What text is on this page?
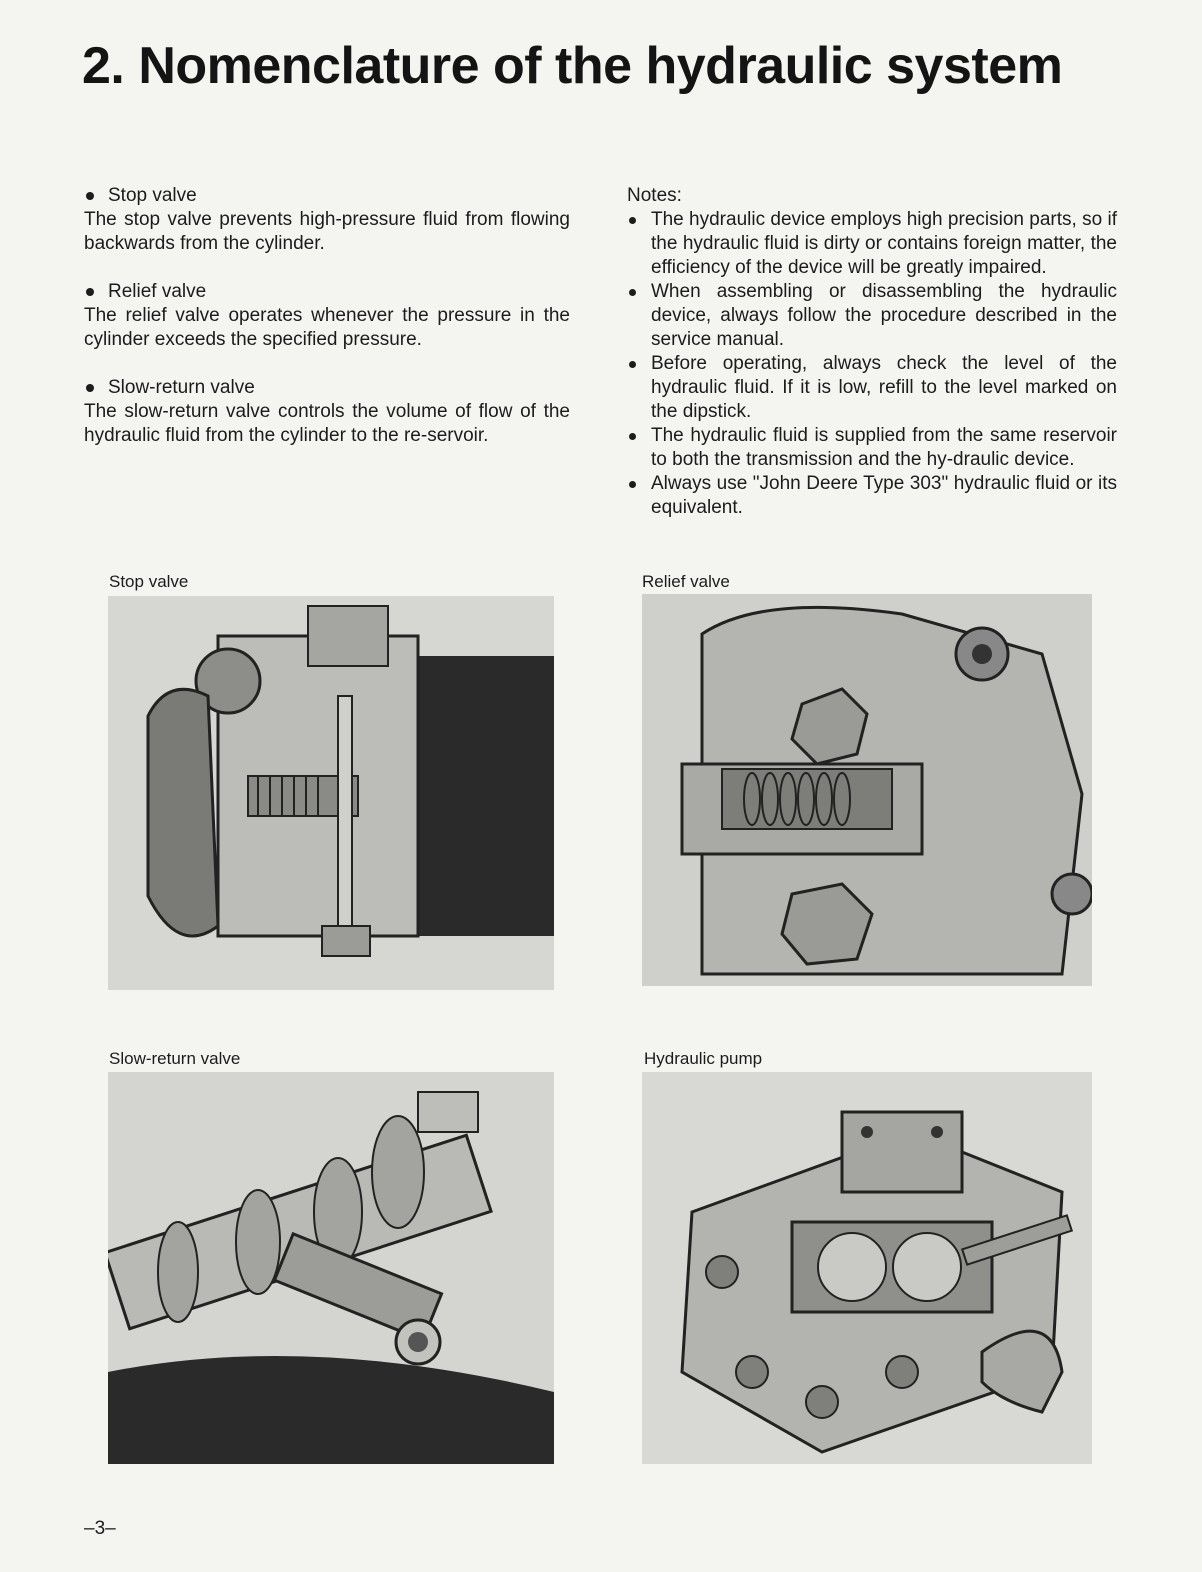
2. Nomenclature of the hydraulic system

Stop valve

The stop valve prevents high-pressure fluid from flowing backwards from the cylinder.

Relief valve

The relief valve operates whenever the pressure in the cylinder exceeds the specified pressure.

Slow-return valve

The slow-return valve controls the volume of flow of the hydraulic fluid from the cylinder to the re-servoir.

Notes:

The hydraulic device employs high precision parts, so if the hydraulic fluid is dirty or contains foreign matter, the efficiency of the device will be greatly impaired.
When assembling or disassembling the hydraulic device, always follow the procedure described in the service manual.
Before operating, always check the level of the hydraulic fluid. If it is low, refill to the level marked on the dipstick.
The hydraulic fluid is supplied from the same reservoir to both the transmission and the hy-draulic device.
Always use "John Deere Type 303" hydraulic fluid or its equivalent.
Stop valve	Relief valve
Slow-return valve	Hydraulic pump
–3–
